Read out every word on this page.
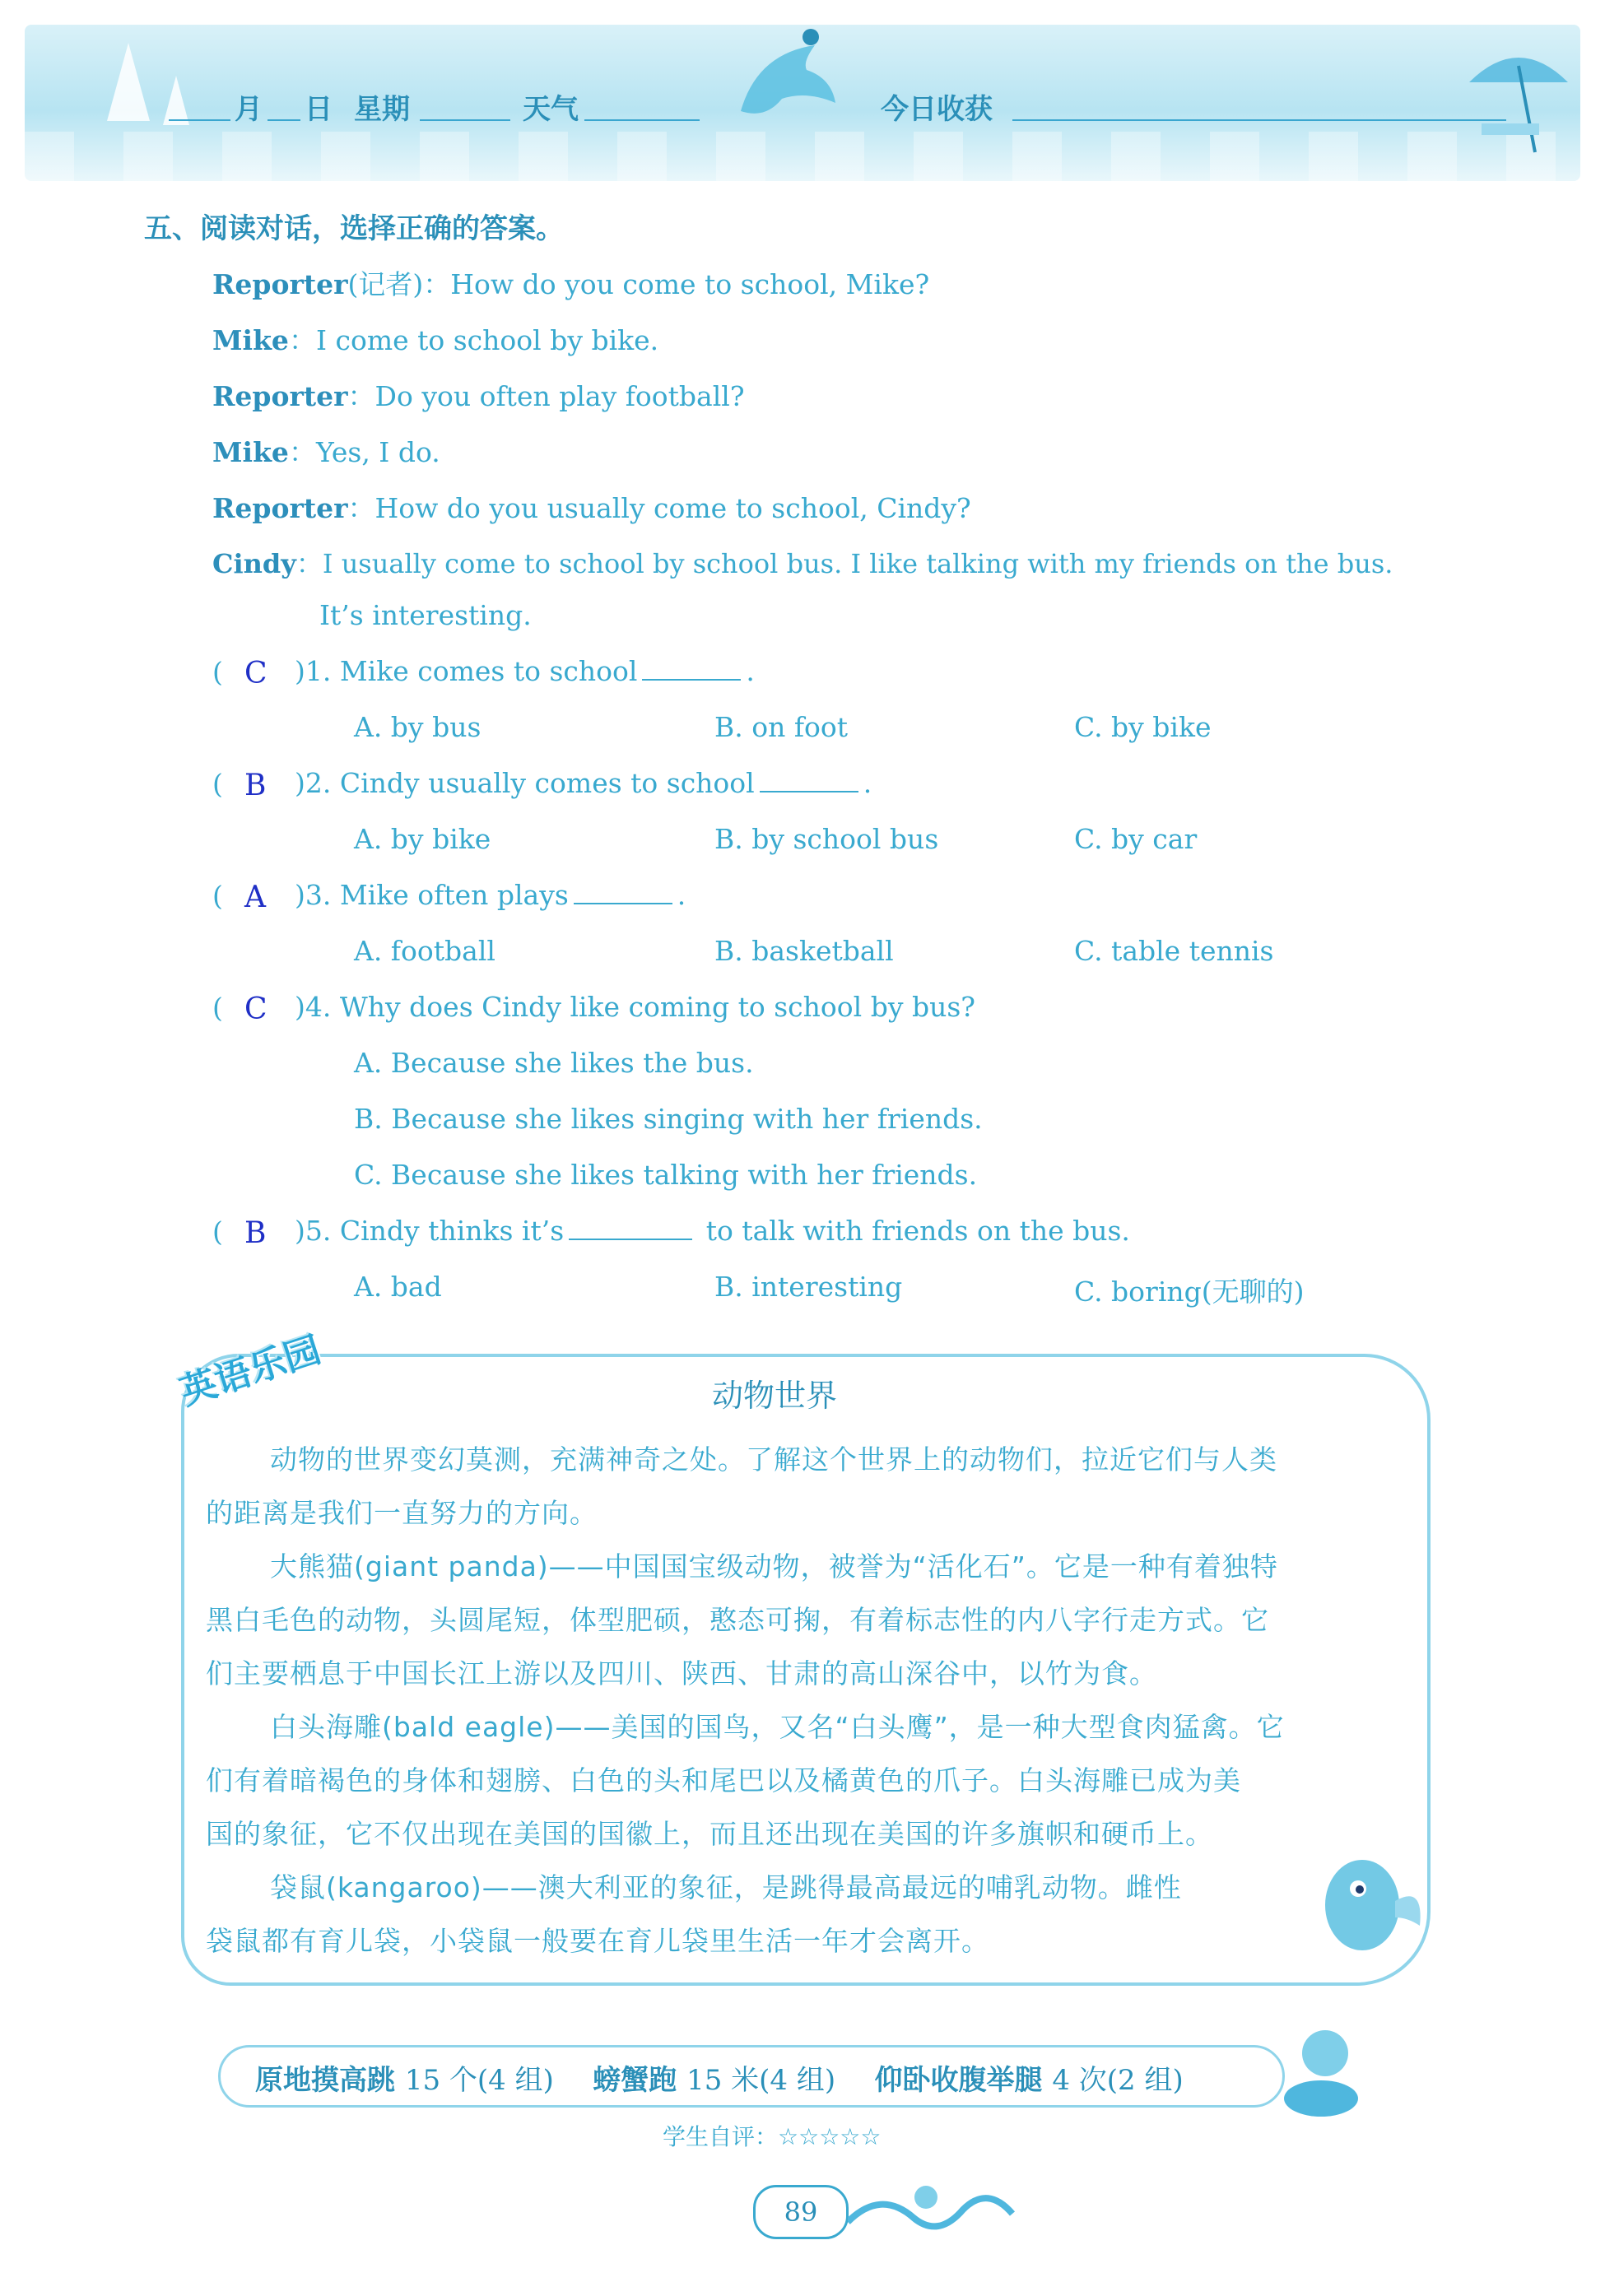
月 日 星期	天气	今日收获
五、阅读对话，选择正确的答案。
Reporter(记者)：How do you come to school, Mike?
Mike：I come to school by bike.
Reporter：Do you often play football?
Mike：Yes, I do.
Reporter：How do you usually come to school, Cindy?
Cindy：I usually come to school by school bus. I like talking with my friends on the bus.
It’s interesting.
( C )1. Mike comes to school	.
A. by bus	B. on foot	C. by bike
( B )2. Cindy usually comes to school	.
A. by bike	B. by school bus	C. by car
( A )3. Mike often plays	.
A. football	B. basketball	C. table tennis
( C )4. Why does Cindy like coming to school by bus?
A. Because she likes the bus.
B. Because she likes singing with her friends.
C. Because she likes talking with her friends.
( B )5. Cindy thinks it’s	to talk with friends on the bus.
A. bad	B. interesting	C. boring(无聊的)
英语乐园	动物世界
动物的世界变幻莫测，充满神奇之处。了解这个世界上的动物们，拉近它们与人类
的距离是我们一直努力的方向。
大熊猫(giant panda)——中国国宝级动物，被誉为“活化石”。它是一种有着独特
黑白毛色的动物，头圆尾短，体型肥硕，憨态可掬，有着标志性的内八字行走方式。它
们主要栖息于中国长江上游以及四川、陕西、甘肃的高山深谷中，以竹为食。
白头海雕(bald eagle)——美国的国鸟，又名“白头鹰”，是一种大型食肉猛禽。它
们有着暗褐色的身体和翅膀、白色的头和尾巴以及橘黄色的爪子。白头海雕已成为美
国的象征，它不仅出现在美国的国徽上，而且还出现在美国的许多旗帜和硬币上。
袋鼠(kangaroo)——澳大利亚的象征，是跳得最高最远的哺乳动物。雌性
袋鼠都有育儿袋，小袋鼠一般要在育儿袋里生活一年才会离开。
原地摸高跳 15 个(4 组) 螃蟹跑 15 米(4 组) 仰卧收腹举腿 4 次(2 组)
学生自评：☆☆☆☆☆
89
